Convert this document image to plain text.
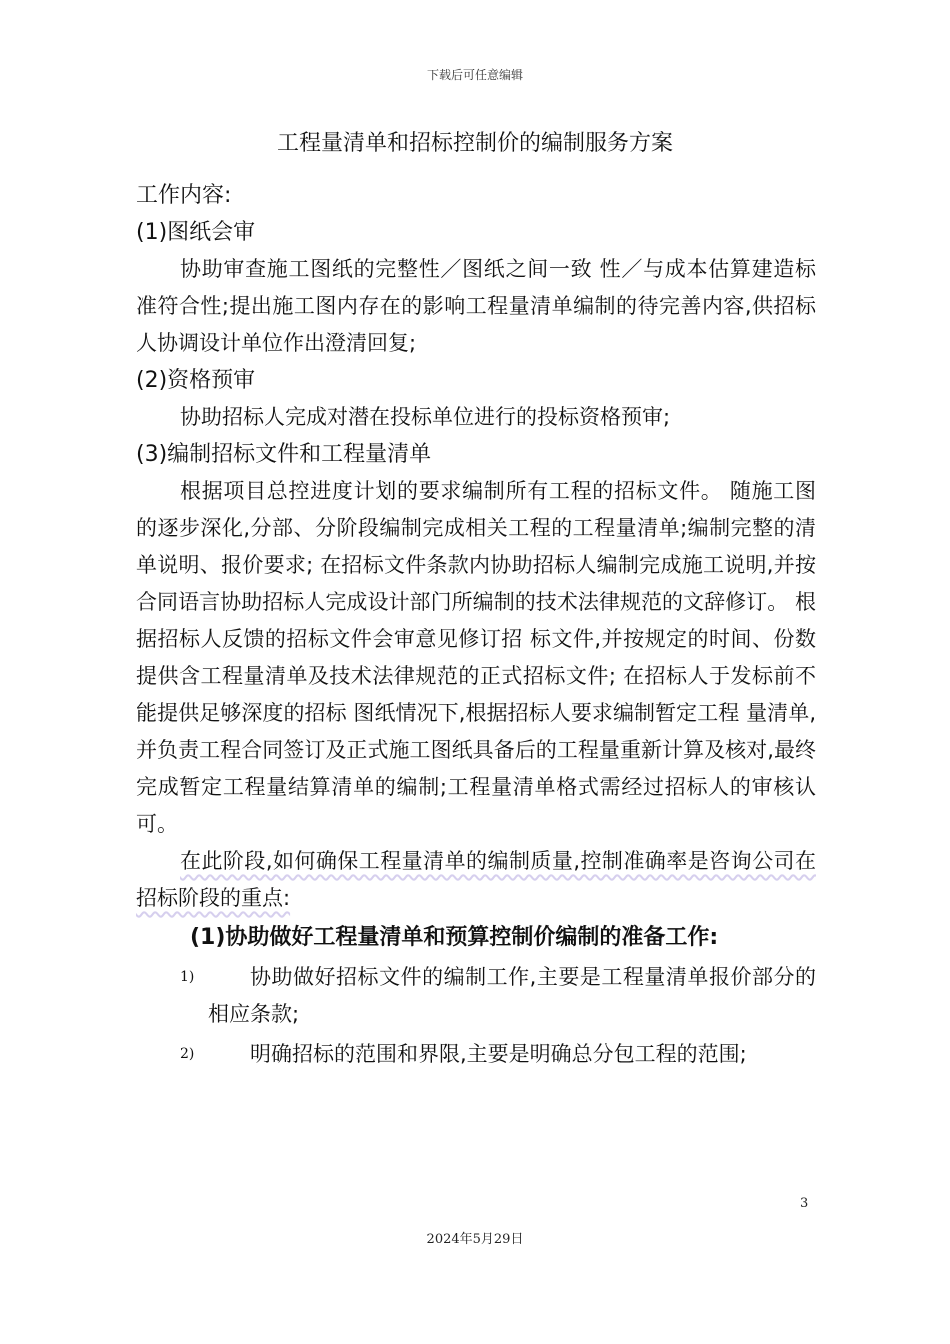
下载后可任意编辑
工程量清单和招标控制价的编制服务方案

工作内容:

(1)图纸会审

协助审查施工图纸的完整性／图纸之间一致 性／与成本估算建造标准符合性;提出施工图内存在的影响工程量清单编制的待完善内容,供招标人协调设计单位作出澄清回复;

(2)资格预审

协助招标人完成对潜在投标单位进行的投标资格预审;

(3)编制招标文件和工程量清单

根据项目总控进度计划的要求编制所有工程的招标文件。 随施工图的逐步深化,分部、分阶段编制完成相关工程的工程量清单;编制完整的清单说明、报价要求; 在招标文件条款内协助招标人编制完成施工说明,并按合同语言协助招标人完成设计部门所编制的技术法律规范的文辞修订。 根据招标人反馈的招标文件会审意见修订招 标文件,并按规定的时间、份数提供含工程量清单及技术法律规范的正式招标文件; 在招标人于发标前不能提供足够深度的招标 图纸情况下,根据招标人要求编制暂定工程 量清单,并负责工程合同签订及正式施工图纸具备后的工程量重新计算及核对,最终完成暂定工程量结算清单的编制;工程量清单格式需经过招标人的审核认可。

在此阶段,如何确保工程量清单的编制质量,控制准确率是咨询公司在招标阶段的重点:

(1)协助做好工程量清单和预算控制价编制的准备工作:

1)	协助做好招标文件的编制工作,主要是工程量清单报价部分的相应条款;
2)	明确招标的范围和界限,主要是明确总分包工程的范围;
3
2024年5月29日
